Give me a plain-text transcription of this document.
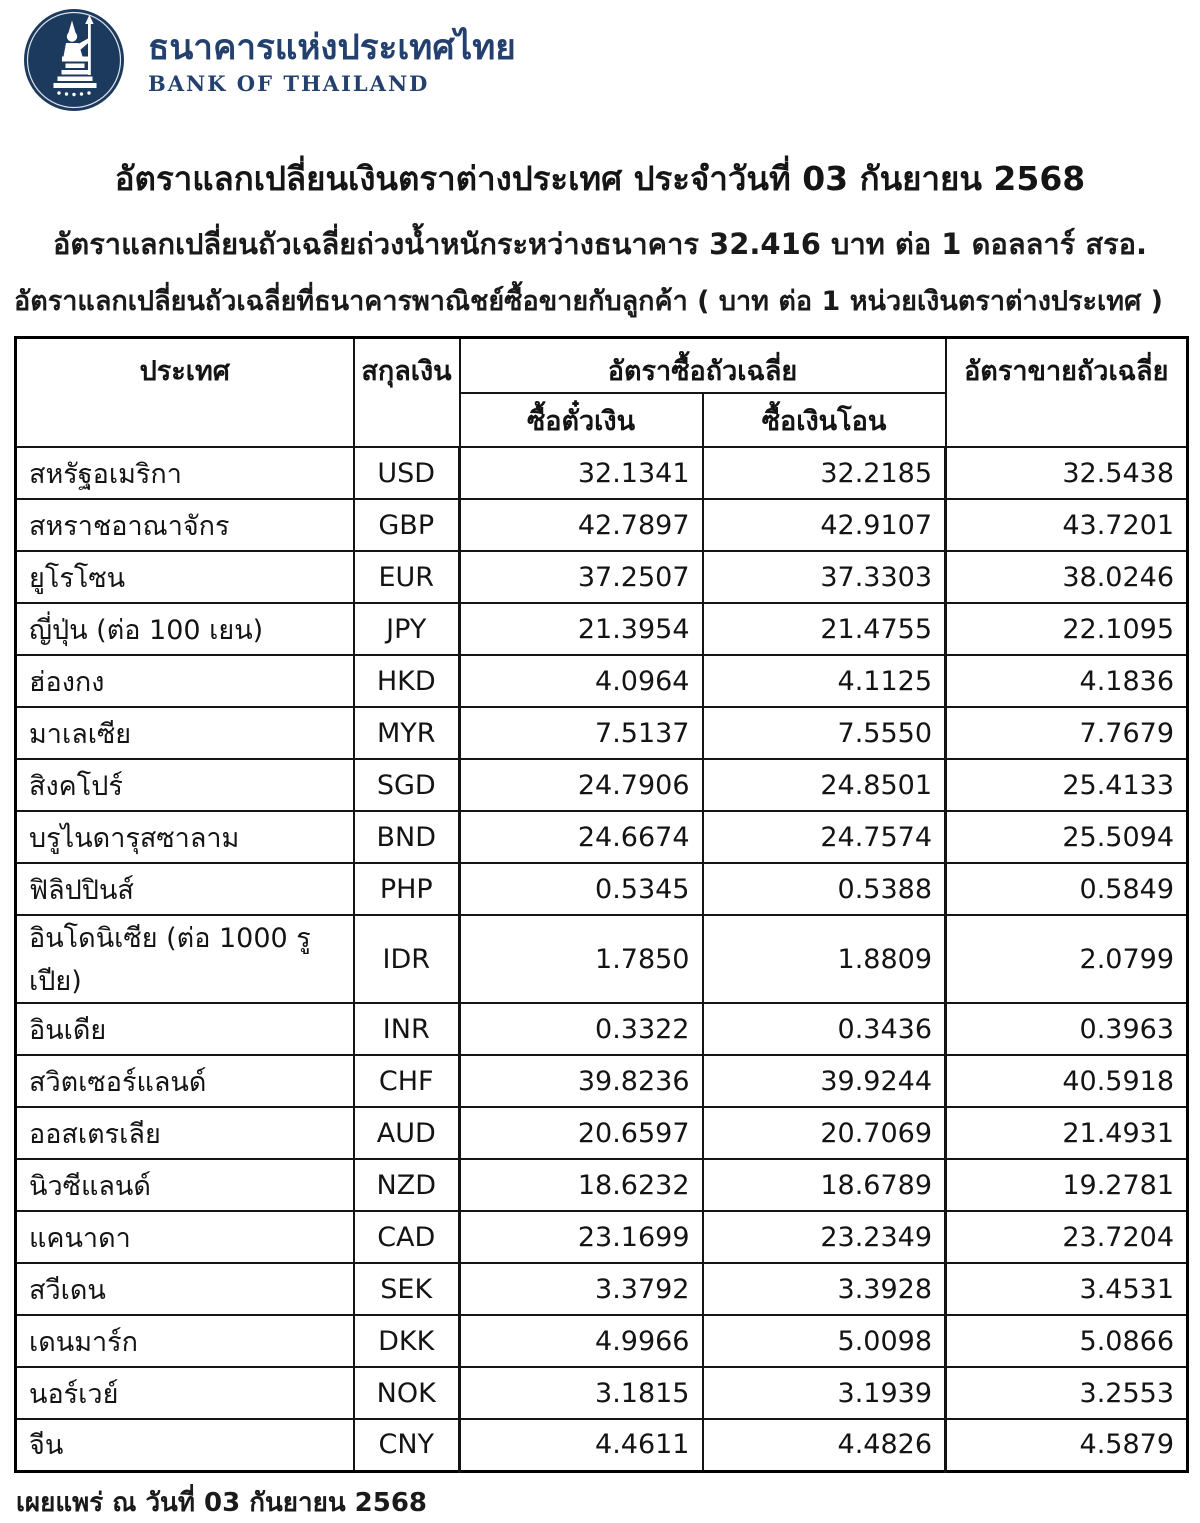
ธนาคารแห่งประเทศไทย
BANK OF THAILAND
อัตราแลกเปลี่ยนเงินตราต่างประเทศ ประจำวันที่ 03 กันยายน 2568
อัตราแลกเปลี่ยนถัวเฉลี่ยถ่วงน้ำหนักระหว่างธนาคาร 32.416 บาท ต่อ 1 ดอลลาร์ สรอ.
อัตราแลกเปลี่ยนถัวเฉลี่ยที่ธนาคารพาณิชย์ซื้อขายกับลูกค้า ( บาท ต่อ 1 หน่วยเงินตราต่างประเทศ )
ประเทศ	สกุลเงิน	อัตราซื้อถัวเฉลี่ย		อัตราขายถัวเฉลี่ย
		ซื้อตั๋วเงิน	ซื้อเงินโอน	
สหรัฐอเมริกา	USD	32.1341	32.2185	32.5438
สหราชอาณาจักร	GBP	42.7897	42.9107	43.7201
ยูโรโซน	EUR	37.2507	37.3303	38.0246
ญี่ปุ่น (ต่อ 100 เยน)	JPY	21.3954	21.4755	22.1095
ฮ่องกง	HKD	4.0964	4.1125	4.1836
มาเลเซีย	MYR	7.5137	7.5550	7.7679
สิงคโปร์	SGD	24.7906	24.8501	25.4133
บรูไนดารุสซาลาม	BND	24.6674	24.7574	25.5094
ฟิลิปปินส์	PHP	0.5345	0.5388	0.5849
อินโดนิเซีย (ต่อ 1000 รูเปีย)	IDR	1.7850	1.8809	2.0799
อินเดีย	INR	0.3322	0.3436	0.3963
สวิตเซอร์แลนด์	CHF	39.8236	39.9244	40.5918
ออสเตรเลีย	AUD	20.6597	20.7069	21.4931
นิวซีแลนด์	NZD	18.6232	18.6789	19.2781
แคนาดา	CAD	23.1699	23.2349	23.7204
สวีเดน	SEK	3.3792	3.3928	3.4531
เดนมาร์ก	DKK	4.9966	5.0098	5.0866
นอร์เวย์	NOK	3.1815	3.1939	3.2553
จีน	CNY	4.4611	4.4826	4.5879
เผยแพร่ ณ วันที่ 03 กันยายน 2568
